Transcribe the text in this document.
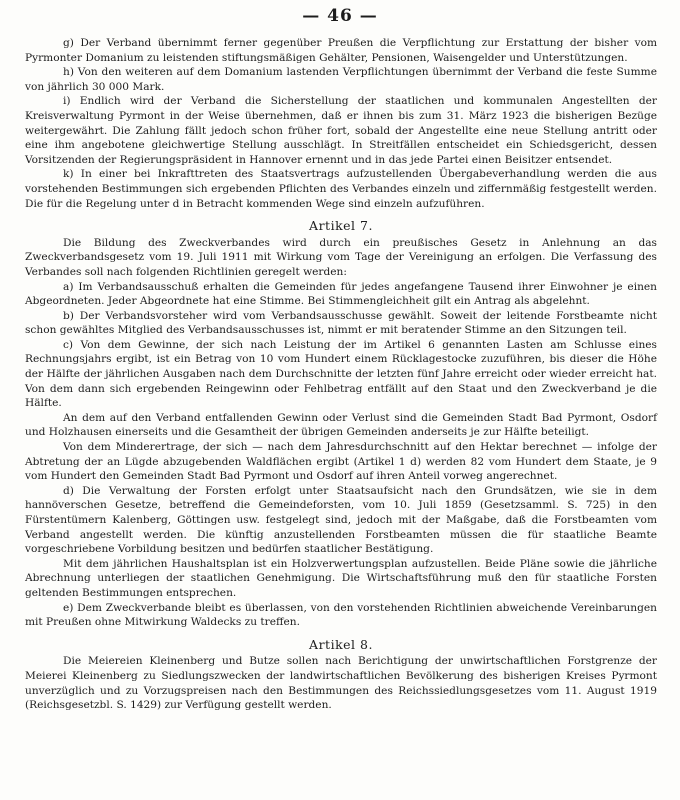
— 46 —

g) Der Verband übernimmt ferner gegenüber Preußen die Verpflichtung zur Erstattung der bisher vom Pyrmonter Domanium zu leistenden stiftungsmäßigen Gehälter, Pensionen, Waisengelder und Unterstützungen.

h) Von den weiteren auf dem Domanium lastenden Verpflichtungen übernimmt der Verband die feste Summe von jährlich 30 000 Mark.

i) Endlich wird der Verband die Sicherstellung der staatlichen und kommunalen Angestellten der Kreisverwaltung Pyrmont in der Weise übernehmen, daß er ihnen bis zum 31. März 1923 die bisherigen Bezüge weitergewährt. Die Zahlung fällt jedoch schon früher fort, sobald der Angestellte eine neue Stellung antritt oder eine ihm angebotene gleichwertige Stellung ausschlägt. In Streitfällen entscheidet ein Schiedsgericht, dessen Vorsitzenden der Regierungspräsident in Hannover ernennt und in das jede Partei einen Beisitzer entsendet.

k) In einer bei Inkrafttreten des Staatsvertrags aufzustellenden Übergabeverhandlung werden die aus vorstehenden Bestimmungen sich ergebenden Pflichten des Verbandes einzeln und ziffernmäßig festgestellt werden. Die für die Regelung unter d in Betracht kommenden Wege sind einzeln aufzuführen.

Artikel 7.

Die Bildung des Zweckverbandes wird durch ein preußisches Gesetz in Anlehnung an das Zweckverbandsgesetz vom 19. Juli 1911 mit Wirkung vom Tage der Vereinigung an erfolgen. Die Verfassung des Verbandes soll nach folgenden Richtlinien geregelt werden:

a) Im Verbandsausschuß erhalten die Gemeinden für jedes angefangene Tausend ihrer Einwohner je einen Abgeordneten. Jeder Abgeordnete hat eine Stimme. Bei Stimmengleichheit gilt ein Antrag als abgelehnt.

b) Der Verbandsvorsteher wird vom Verbandsausschusse gewählt. Soweit der leitende Forstbeamte nicht schon gewähltes Mitglied des Verbandsausschusses ist, nimmt er mit beratender Stimme an den Sitzungen teil.

c) Von dem Gewinne, der sich nach Leistung der im Artikel 6 genannten Lasten am Schlusse eines Rechnungsjahrs ergibt, ist ein Betrag von 10 vom Hundert einem Rücklagestocke zuzuführen, bis dieser die Höhe der Hälfte der jährlichen Ausgaben nach dem Durchschnitte der letzten fünf Jahre erreicht oder wieder erreicht hat. Von dem dann sich ergebenden Reingewinn oder Fehlbetrag entfällt auf den Staat und den Zweckverband je die Hälfte.

An dem auf den Verband entfallenden Gewinn oder Verlust sind die Gemeinden Stadt Bad Pyrmont, Osdorf und Holzhausen einerseits und die Gesamtheit der übrigen Gemeinden anderseits je zur Hälfte beteiligt.

Von dem Minderertrage, der sich — nach dem Jahresdurchschnitt auf den Hektar berechnet — infolge der Abtretung der an Lügde abzugebenden Waldflächen ergibt (Artikel 1 d) werden 82 vom Hundert dem Staate, je 9 vom Hundert den Gemeinden Stadt Bad Pyrmont und Osdorf auf ihren Anteil vorweg angerechnet.

d) Die Verwaltung der Forsten erfolgt unter Staatsaufsicht nach den Grundsätzen, wie sie in dem hannöverschen Gesetze, betreffend die Gemeindeforsten, vom 10. Juli 1859 (Gesetzsamml. S. 725) in den Fürstentümern Kalenberg, Göttingen usw. festgelegt sind, jedoch mit der Maßgabe, daß die Forstbeamten vom Verband angestellt werden. Die künftig anzustellenden Forstbeamten müssen die für staatliche Beamte vorgeschriebene Vorbildung besitzen und bedürfen staatlicher Bestätigung.

Mit dem jährlichen Haushaltsplan ist ein Holzverwertungsplan aufzustellen. Beide Pläne sowie die jährliche Abrechnung unterliegen der staatlichen Genehmigung. Die Wirtschaftsführung muß den für staatliche Forsten geltenden Bestimmungen entsprechen.

e) Dem Zweckverbande bleibt es überlassen, von den vorstehenden Richtlinien abweichende Vereinbarungen mit Preußen ohne Mitwirkung Waldecks zu treffen.

Artikel 8.

Die Meiereien Kleinenberg und Butze sollen nach Berichtigung der unwirtschaftlichen Forstgrenze der Meierei Kleinenberg zu Siedlungszwecken der landwirtschaftlichen Bevölkerung des bisherigen Kreises Pyrmont unverzüglich und zu Vorzugspreisen nach den Bestimmungen des Reichssiedlungsgesetzes vom 11. August 1919 (Reichsgesetzbl. S. 1429) zur Verfügung gestellt werden.
